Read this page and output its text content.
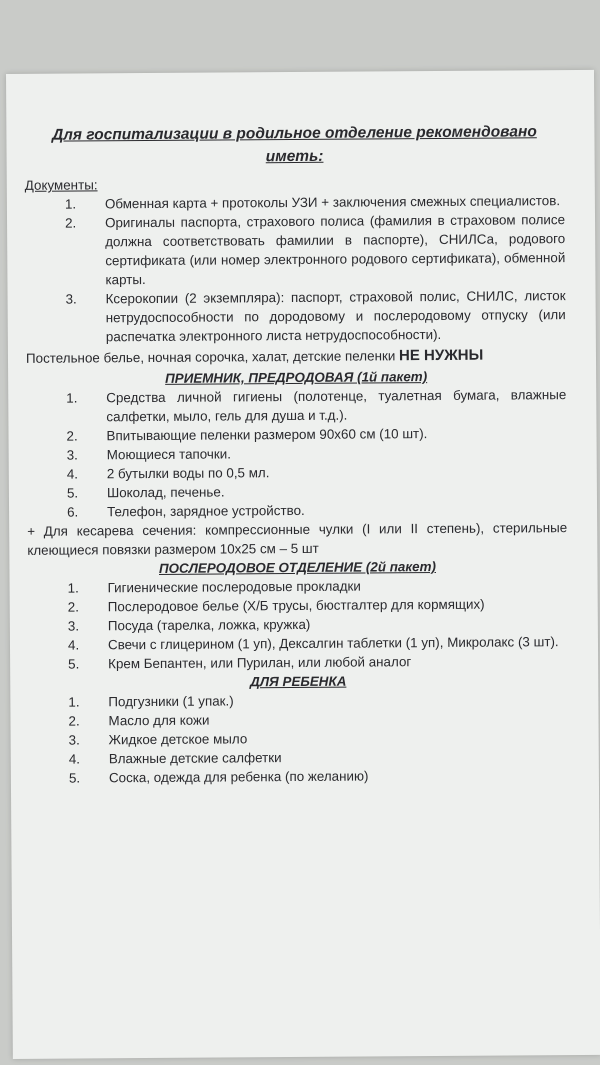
Для госпитализации в родильное отделение рекомендовано
иметь:

Документы:

1. Обменная карта + протоколы УЗИ + заключения смежных специалистов.
2. Оригиналы паспорта, страхового полиса (фамилия в страховом полисе должна соответствовать фамилии в паспорте), СНИЛСа, родового сертификата (или номер электронного родового сертификата), обменной карты.
3. Ксерокопии (2 экземпляра): паспорт, страховой полис, СНИЛС, листок нетрудоспособности по дородовому и послеродовому отпуску (или распечатка электронного листа нетрудоспособности).

Постельное белье, ночная сорочка, халат, детские пеленки НЕ НУЖНЫ

ПРИЕМНИК, ПРЕДРОДОВАЯ (1й пакет)

1. Средства личной гигиены (полотенце, туалетная бумага, влажные салфетки, мыло, гель для душа и т.д.).
2. Впитывающие пеленки размером 90х60 см (10 шт).
3. Моющиеся тапочки.
4. 2 бутылки воды по 0,5 мл.
5. Шоколад, печенье.
6. Телефон, зарядное устройство.

+ Для кесарева сечения: компрессионные чулки (I или II степень), стерильные клеющиеся повязки размером 10х25 см – 5 шт

ПОСЛЕРОДОВОЕ ОТДЕЛЕНИЕ (2й пакет)

1. Гигиенические послеродовые прокладки
2. Послеродовое белье (Х/Б трусы, бюстгалтер для кормящих)
3. Посуда (тарелка, ложка, кружка)
4. Свечи с глицерином (1 уп), Дексалгин таблетки (1 уп), Микролакс (3 шт).
5. Крем Бепантен, или Пурилан, или любой аналог

ДЛЯ РЕБЕНКА

1. Подгузники (1 упак.)
2. Масло для кожи
3. Жидкое детское мыло
4. Влажные детские салфетки
5. Соска, одежда для ребенка (по желанию)
